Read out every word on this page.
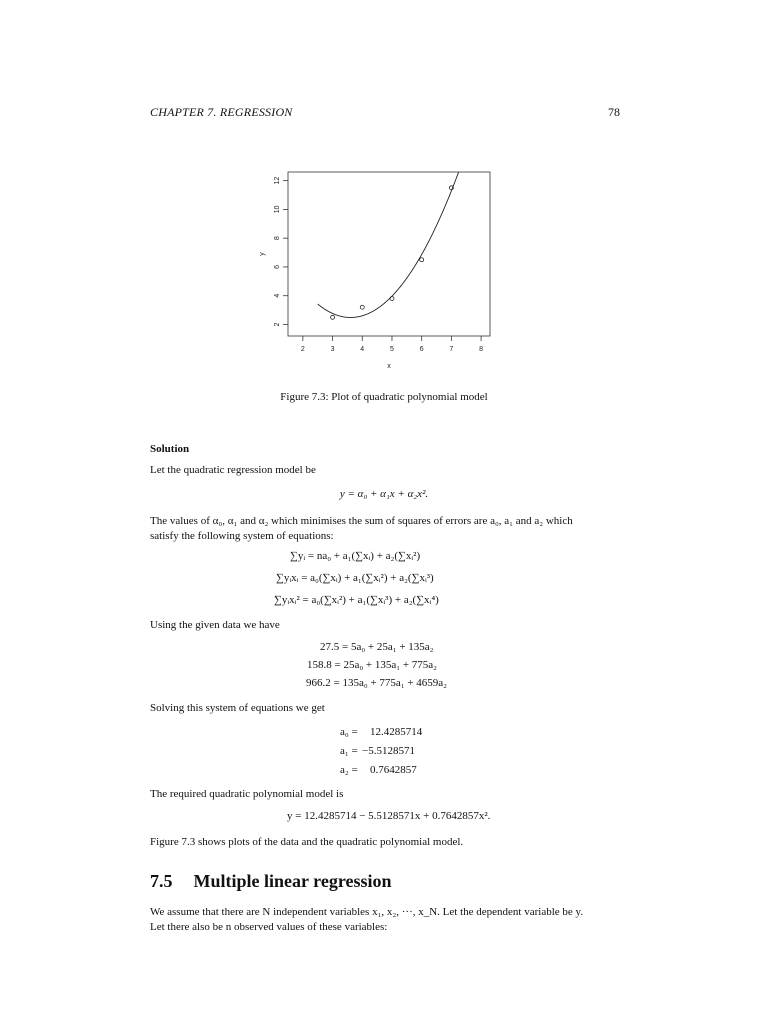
CHAPTER 7. REGRESSION	78
2	3	4	5	6	7	8
2
4
6
8
10
12
x
y
Figure 7.3: Plot of quadratic polynomial model
Solution
Let the quadratic regression model be
y = α₀ + α₁x + α₂x².
The values of α₀, α₁ and α₂ which minimises the sum of squares of errors are a₀, a₁ and a₂ which
satisfy the following system of equations:
∑yᵢ = na₀ + a₁(∑xᵢ) + a₂(∑xᵢ²)
∑yᵢxᵢ = a₀(∑xᵢ) + a₁(∑xᵢ²) + a₂(∑xᵢ³)
∑yᵢxᵢ² = a₀(∑xᵢ²) + a₁(∑xᵢ³) + a₂(∑xᵢ⁴)
Using the given data we have
27.5 = 5a₀ + 25a₁ + 135a₂
158.8 = 25a₀ + 135a₁ + 775a₂
966.2 = 135a₀ + 775a₁ + 4659a₂
Solving this system of equations we get
a₀ = 12.4285714
a₁ = −5.5128571
a₂ = 0.7642857
The required quadratic polynomial model is
y = 12.4285714 − 5.5128571x + 0.7642857x².
Figure 7.3 shows plots of the data and the quadratic polynomial model.
7.5 Multiple linear regression
We assume that there are N independent variables x₁, x₂, ···, x_N. Let the dependent variable be y.
Let there also be n observed values of these variables:
